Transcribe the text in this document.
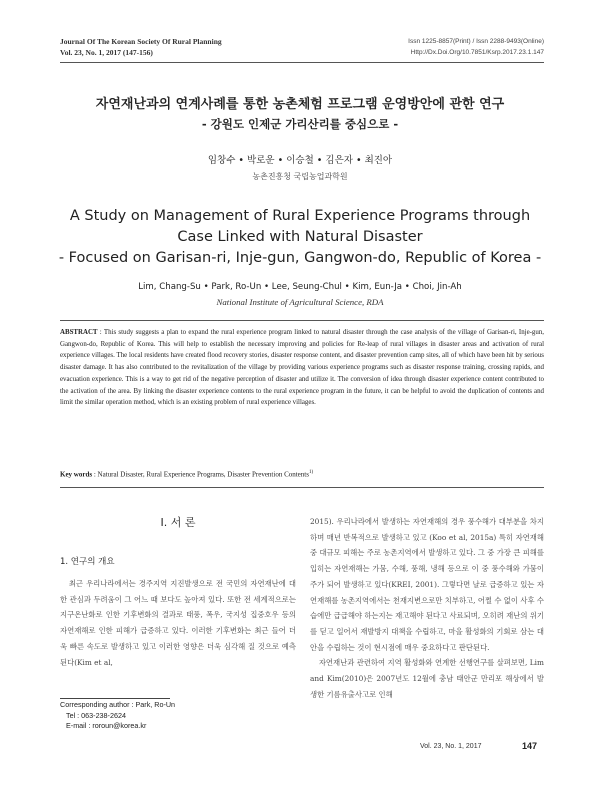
Journal Of The Korean Society Of Rural Planning
Vol. 23, No. 1, 2017 (147-156)
Issn 1225-8857(Print) / Issn 2288-9493(Online)
Http://Dx.Doi.Org/10.7851/Ksrp.2017.23.1.147
자연재난과의 연계사례를 통한 농촌체험 프로그램 운영방안에 관한 연구
- 강원도 인제군 가리산리를 중심으로 -
임창수 • 박로운 • 이승철 • 김은자 • 최진아
농촌진흥청 국립농업과학원
A Study on Management of Rural Experience Programs through
Case Linked with Natural Disaster
- Focused on Garisan-ri, Inje-gun, Gangwon-do, Republic of Korea -
Lim, Chang-Su • Park, Ro-Un • Lee, Seung-Chul • Kim, Eun-Ja • Choi, Jin-Ah
National Institute of Agricultural Science, RDA
ABSTRACT : This study suggests a plan to expand the rural experience program linked to natural disaster through the case analysis of the village of Garisan-ri, Inje-gun, Gangwon-do, Republic of Korea. This will help to establish the necessary improving and policies for Re-leap of rural villages in disaster areas and activation of rural experience villages. The local residents have created flood recovery stories, disaster response content, and disaster prevention camp sites, all of which have been hit by serious disaster damage. It has also contributed to the revitalization of the village by providing various experience programs such as disaster response training, crossing rapids, and evacuation experience. This is a way to get rid of the negative perception of disaster and utilize it. The conversion of idea through disaster experience content contributed to the activation of the area. By linking the disaster experience contents to the rural experience program in the future, it can be helpful to avoid the duplication of contents and limit the similar operation method, which is an existing problem of rural experience villages.
Key words : Natural Disaster, Rural Experience Programs, Disaster Prevention Contents$^{1)}$
I. 서 론
1. 연구의 개요

최근 우리나라에서는 경주지역 지진발생으로 전 국민의 자연재난에 대한 관심과 두려움이 그 어느 때 보다도 높아져 있다. 또한 전 세계적으로는 지구온난화로 인한 기후변화의 결과로 태풍, 폭우, 국지성 집중호우 등의 자연재해로 인한 피해가 급증하고 있다. 이러한 기후변화는 최근 들어 더욱 빠른 속도로 발생하고 있고 이러한 영향은 더욱 심각해 질 것으로 예측된다(Kim et al,

Corresponding author : Park, Ro-Un
Tel : 063-238-2624
E-mail : roroun@korea.kr

2015). 우리나라에서 발생하는 자연재해의 경우 풍수해가 대부분을 차지하며 매년 반복적으로 발생하고 있고 (Koo et al, 2015a) 특히 자연재해 중 대규모 피해는 주로 농촌지역에서 발생하고 있다. 그 중 가장 큰 피해를 입히는 자연재해는 가뭄, 수해, 풍해, 냉해 등으로 이 중 풍수해와 가뭄이 주가 되어 발생하고 있다(KREI, 2001). 그렇다면 날로 급증하고 있는 자연재해를 농촌지역에서는 천재지변으로만 치부하고, 어쩔 수 없이 사후 수습에만 급급해야 하는지는 재고해야 된다고 사료되며, 오히려 재난의 위기를 딛고 일어서 재발방지 대책을 수립하고, 마을 활성화의 기회로 삼는 대안을 수립하는 것이 현시점에 매우 중요하다고 판단된다.

자연재난과 관련하여 지역 활성화와 연계한 선행연구를 살펴보면, Lim and Kim(2010)은 2007년도 12월에 충남 태안군 만리포 해상에서 발생한 기름유출사고로 인해

Vol. 23, No. 1, 2017	147
